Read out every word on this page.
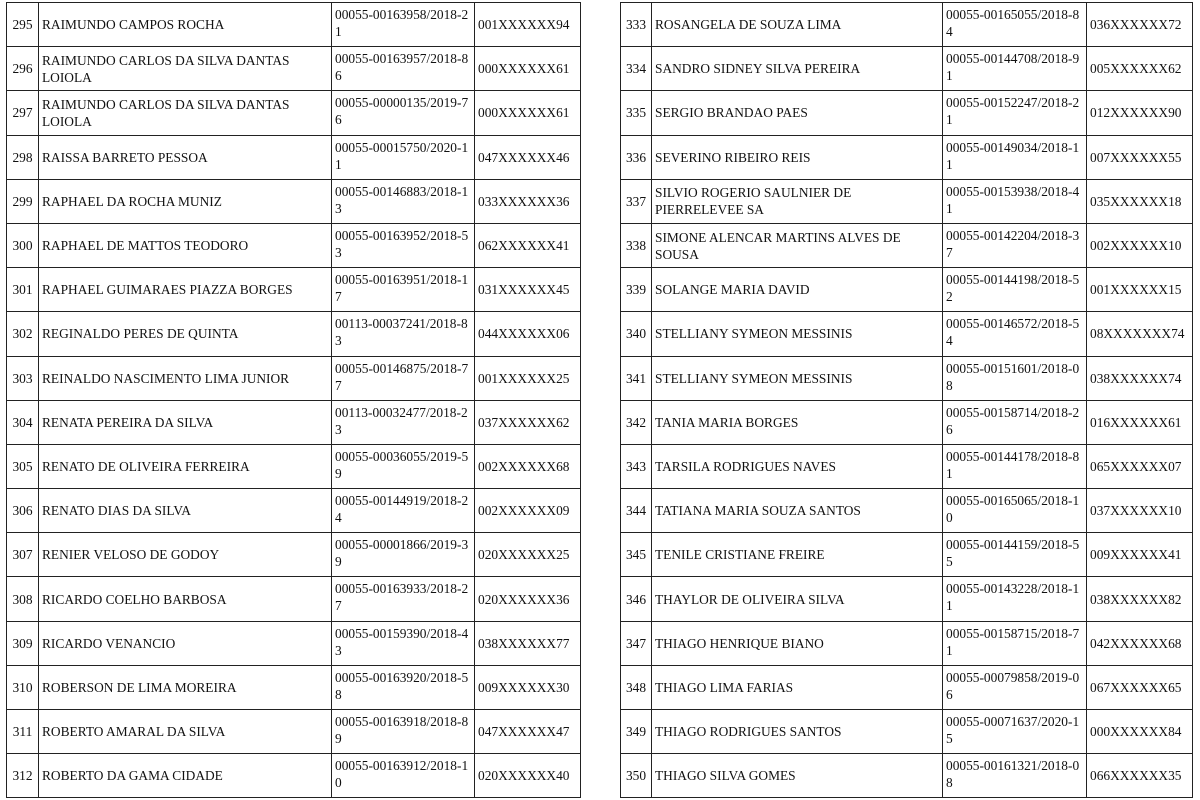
295	RAIMUNDO CAMPOS ROCHA	00055-00163958/2018-21	001XXXXXX94
296	RAIMUNDO CARLOS DA SILVA DANTAS LOIOLA	00055-00163957/2018-86	000XXXXXX61
297	RAIMUNDO CARLOS DA SILVA DANTAS LOIOLA	00055-00000135/2019-76	000XXXXXX61
298	RAISSA BARRETO PESSOA	00055-00015750/2020-11	047XXXXXX46
299	RAPHAEL DA ROCHA MUNIZ	00055-00146883/2018-13	033XXXXXX36
300	RAPHAEL DE MATTOS TEODORO	00055-00163952/2018-53	062XXXXXX41
301	RAPHAEL GUIMARAES PIAZZA BORGES	00055-00163951/2018-17	031XXXXXX45
302	REGINALDO PERES DE QUINTA	00113-00037241/2018-83	044XXXXXX06
303	REINALDO NASCIMENTO LIMA JUNIOR	00055-00146875/2018-77	001XXXXXX25
304	RENATA PEREIRA DA SILVA	00113-00032477/2018-23	037XXXXXX62
305	RENATO DE OLIVEIRA FERREIRA	00055-00036055/2019-59	002XXXXXX68
306	RENATO DIAS DA SILVA	00055-00144919/2018-24	002XXXXXX09
307	RENIER VELOSO DE GODOY	00055-00001866/2019-39	020XXXXXX25
308	RICARDO COELHO BARBOSA	00055-00163933/2018-27	020XXXXXX36
309	RICARDO VENANCIO	00055-00159390/2018-43	038XXXXXX77
310	ROBERSON DE LIMA MOREIRA	00055-00163920/2018-58	009XXXXXX30
311	ROBERTO AMARAL DA SILVA	00055-00163918/2018-89	047XXXXXX47
312	ROBERTO DA GAMA CIDADE	00055-00163912/2018-10	020XXXXXX40
333	ROSANGELA DE SOUZA LIMA	00055-00165055/2018-84	036XXXXXX72
334	SANDRO SIDNEY SILVA PEREIRA	00055-00144708/2018-91	005XXXXXX62
335	SERGIO BRANDAO PAES	00055-00152247/2018-21	012XXXXXX90
336	SEVERINO RIBEIRO REIS	00055-00149034/2018-11	007XXXXXX55
337	SILVIO ROGERIO SAULNIER DE PIERRELEVEE SA	00055-00153938/2018-41	035XXXXXX18
338	SIMONE ALENCAR MARTINS ALVES DE SOUSA	00055-00142204/2018-37	002XXXXXX10
339	SOLANGE MARIA DAVID	00055-00144198/2018-52	001XXXXXX15
340	STELLIANY SYMEON MESSINIS	00055-00146572/2018-54	08XXXXXXX74
341	STELLIANY SYMEON MESSINIS	00055-00151601/2018-08	038XXXXXX74
342	TANIA MARIA BORGES	00055-00158714/2018-26	016XXXXXX61
343	TARSILA RODRIGUES NAVES	00055-00144178/2018-81	065XXXXXX07
344	TATIANA MARIA SOUZA SANTOS	00055-00165065/2018-10	037XXXXXX10
345	TENILE CRISTIANE FREIRE	00055-00144159/2018-55	009XXXXXX41
346	THAYLOR DE OLIVEIRA SILVA	00055-00143228/2018-11	038XXXXXX82
347	THIAGO HENRIQUE BIANO	00055-00158715/2018-71	042XXXXXX68
348	THIAGO LIMA FARIAS	00055-00079858/2019-06	067XXXXXX65
349	THIAGO RODRIGUES SANTOS	00055-00071637/2020-15	000XXXXXX84
350	THIAGO SILVA GOMES	00055-00161321/2018-08	066XXXXXX35
